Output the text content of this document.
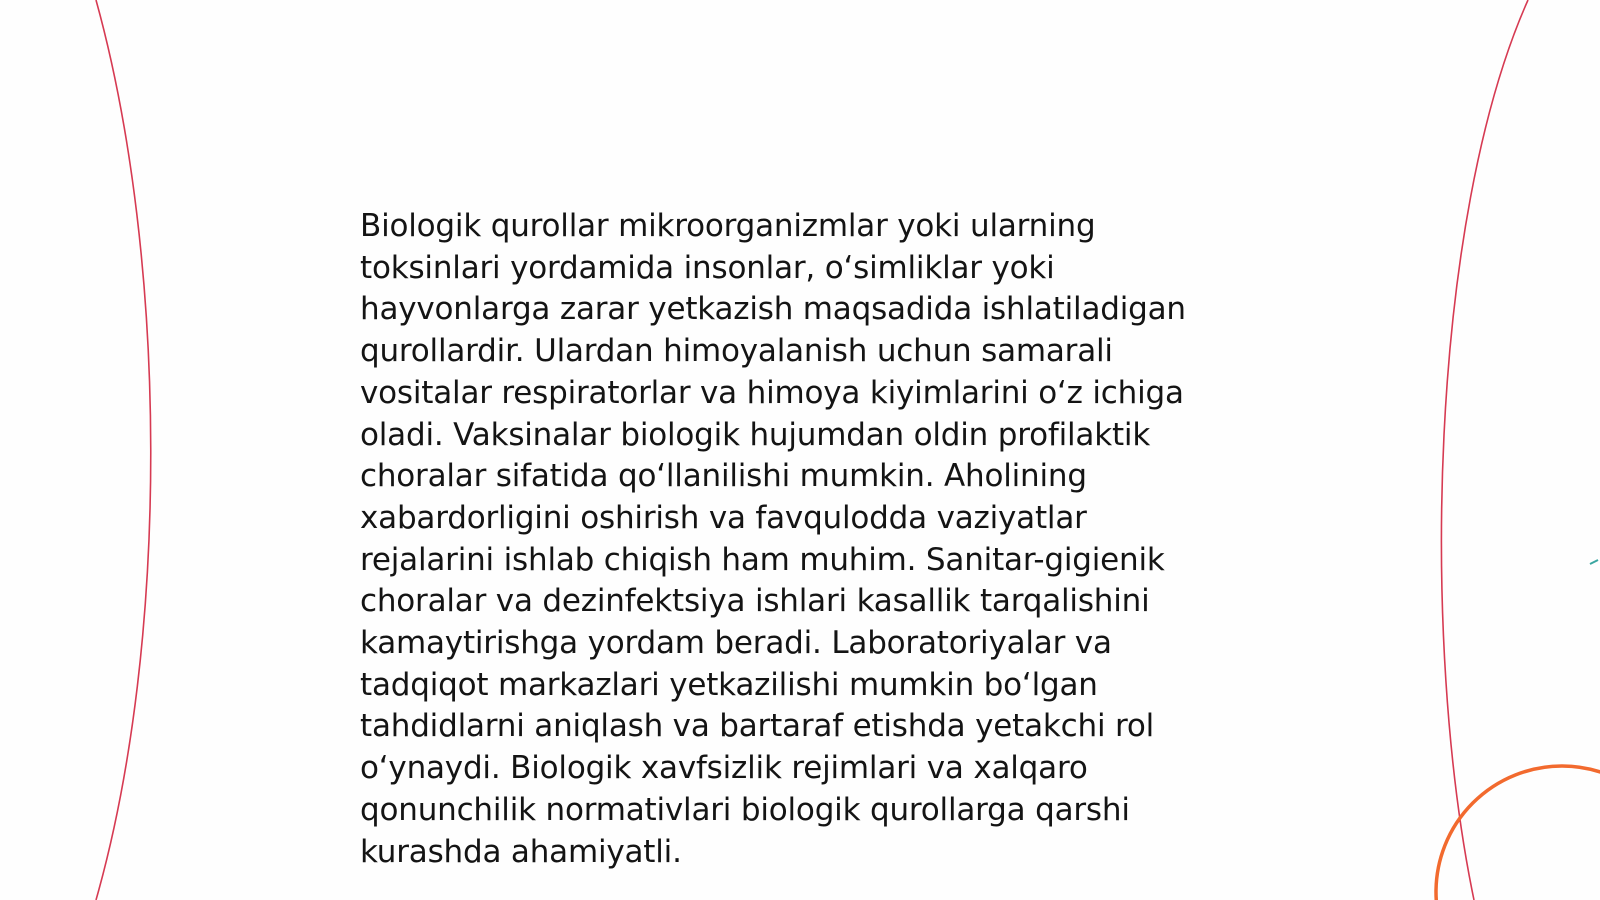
Biologik qurollar mikroorganizmlar yoki ularning
toksinlari yordamida insonlar, o‘simliklar yoki
hayvonlarga zarar yetkazish maqsadida ishlatiladigan
qurollardir. Ulardan himoyalanish uchun samarali
vositalar respiratorlar va himoya kiyimlarini o‘z ichiga
oladi. Vaksinalar biologik hujumdan oldin profilaktik
choralar sifatida qo‘llanilishi mumkin. Aholining
xabardorligini oshirish va favqulodda vaziyatlar
rejalarini ishlab chiqish ham muhim. Sanitar-gigienik
choralar va dezinfektsiya ishlari kasallik tarqalishini
kamaytirishga yordam beradi. Laboratoriyalar va
tadqiqot markazlari yetkazilishi mumkin bo‘lgan
tahdidlarni aniqlash va bartaraf etishda yetakchi rol
o‘ynaydi. Biologik xavfsizlik rejimlari va xalqaro
qonunchilik normativlari biologik qurollarga qarshi
kurashda ahamiyatli.
